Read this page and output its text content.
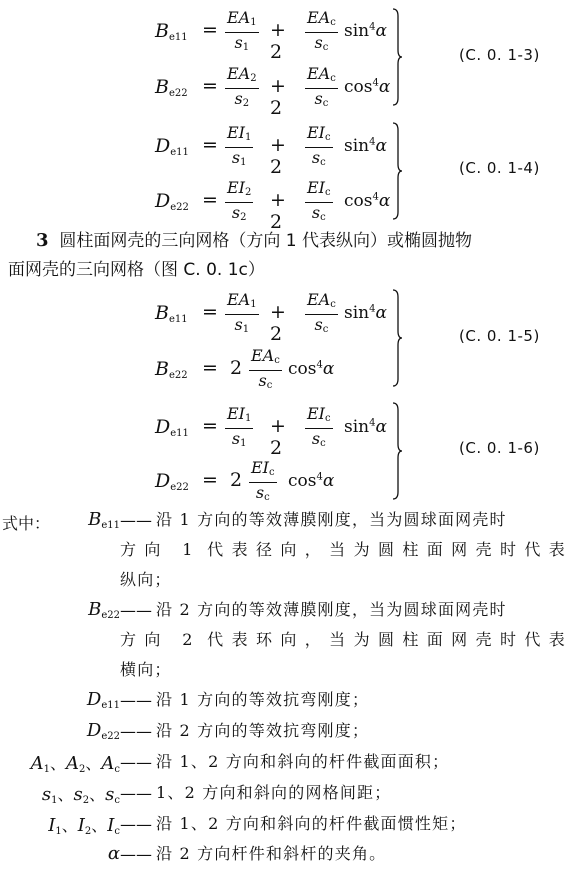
$B_{e11} = \frac{EA_1}{s_1} + 2$
$EA_c$
$s_c$
$\sin^4\alpha$
$B_{e22} = \frac{EA_2}{s_2} + 2$
$EA_c$
$s_c$
$\cos^4\alpha$
(C. 0. 1-3)
$D_{e11} = \frac{EI_1}{s_1} + 2$
$EI_c$
$s_c$
$\sin^4\alpha$
$D_{e22} = \frac{EI_2}{s_2} + 2$
$EI_c$
$s_c$
$\cos^4\alpha$
(C. 0. 1-4)
3 圆柱面网壳的三向网格（方向 1 代表纵向）或椭圆抛物
面网壳的三向网格（图 C. 0. 1c）
$B_{e11} = \frac{EA_1}{s_1} + 2$
$EA_c$
$s_c$
$\sin^4\alpha$
$B_{e22} = 2$
$EA_c$
$s_c$
$\cos^4\alpha$
(C. 0. 1-5)
$D_{e11} = \frac{EI_1}{s_1} + 2$
$EI_c$
$s_c$
$\sin^4\alpha$
$D_{e22} = 2$
$EI_c$
$s_c$
$\cos^4\alpha$
(C. 0. 1-6)
式中：	$B_{e11}$ —— 沿 1 方向的等效薄膜刚度，当为圆球面网壳时
方向 1 代表径向，当为圆柱面网壳时代表
纵向；
$B_{e22}$ —— 沿 2 方向的等效薄膜刚度，当为圆球面网壳时
方向 2 代表环向，当为圆柱面网壳时代表
横向；
$D_{e11}$ —— 沿 1 方向的等效抗弯刚度；
$D_{e22}$ —— 沿 2 方向的等效抗弯刚度；
$A_1$、$A_2$、$A_c$ —— 沿 1、2 方向和斜向的杆件截面面积；
$s_1$、$s_2$、$s_c$ —— 1、2 方向和斜向的网格间距；
$I_1$、$I_2$、$I_c$ —— 沿 1、2 方向和斜向的杆件截面惯性矩；
α —— 沿 2 方向杆件和斜杆的夹角。
